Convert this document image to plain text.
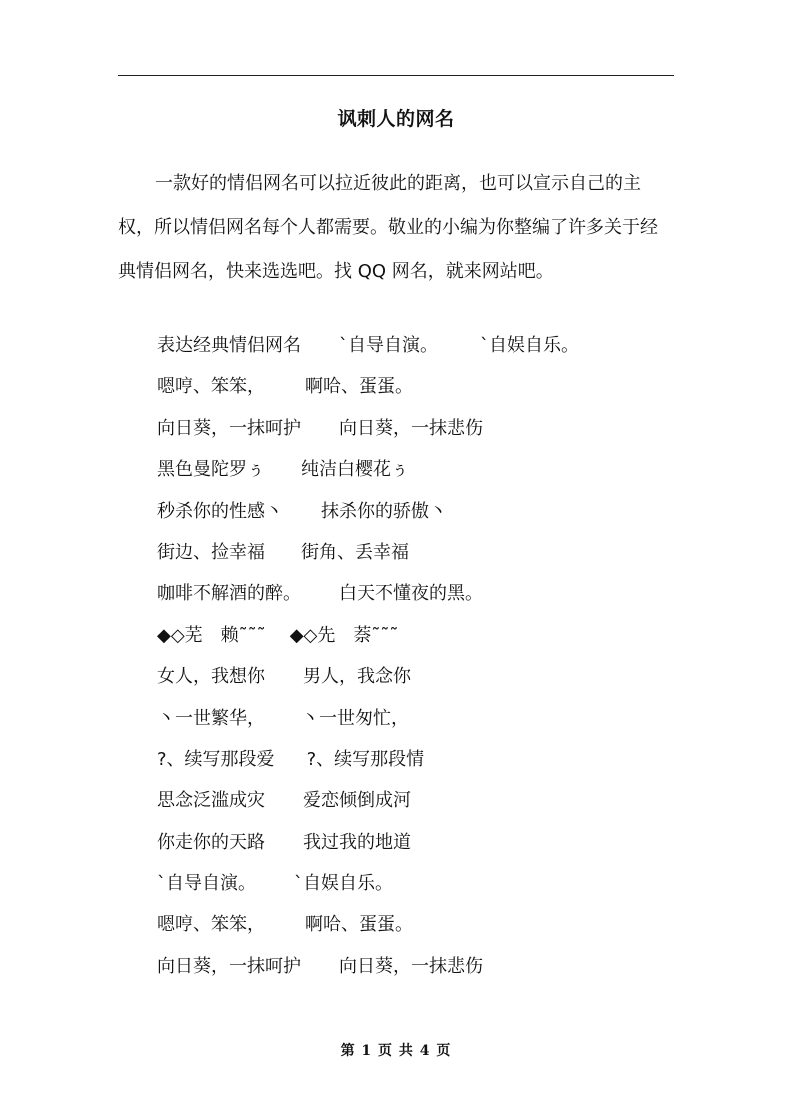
讽刺人的网名

一款好的情侣网名可以拉近彼此的距离，也可以宣示自己的主权，所以情侣网名每个人都需要。敬业的小编为你整编了许多关于经典情侣网名，快来选选吧。找 QQ 网名，就来网站吧。

表达经典情侣网名 `自导自演。 `自娱自乐。
嗯哼、笨笨， 啊哈、蛋蛋。
向日葵，一抹呵护 向日葵，一抹悲伤
黑色曼陀罗ぅ 纯洁白樱花ぅ
秒杀你的性感丶 抹杀你的骄傲丶
街边、捡幸福 街角、丢幸福
咖啡不解酒的醉。 白天不懂夜的黑。
◆◇芜　赖˜˜˜ ◆◇先　萘˜˜˜
女人，我想你 男人，我念你
丶一世繁华， 丶一世匆忙，
?、续写那段爱 ?、续写那段情
思念泛滥成灾 爱恋倾倒成河
你走你的天路 我过我的地道
`自导自演。 `自娱自乐。
嗯哼、笨笨， 啊哈、蛋蛋。
向日葵，一抹呵护 向日葵，一抹悲伤
第 1 页 共 4 页
